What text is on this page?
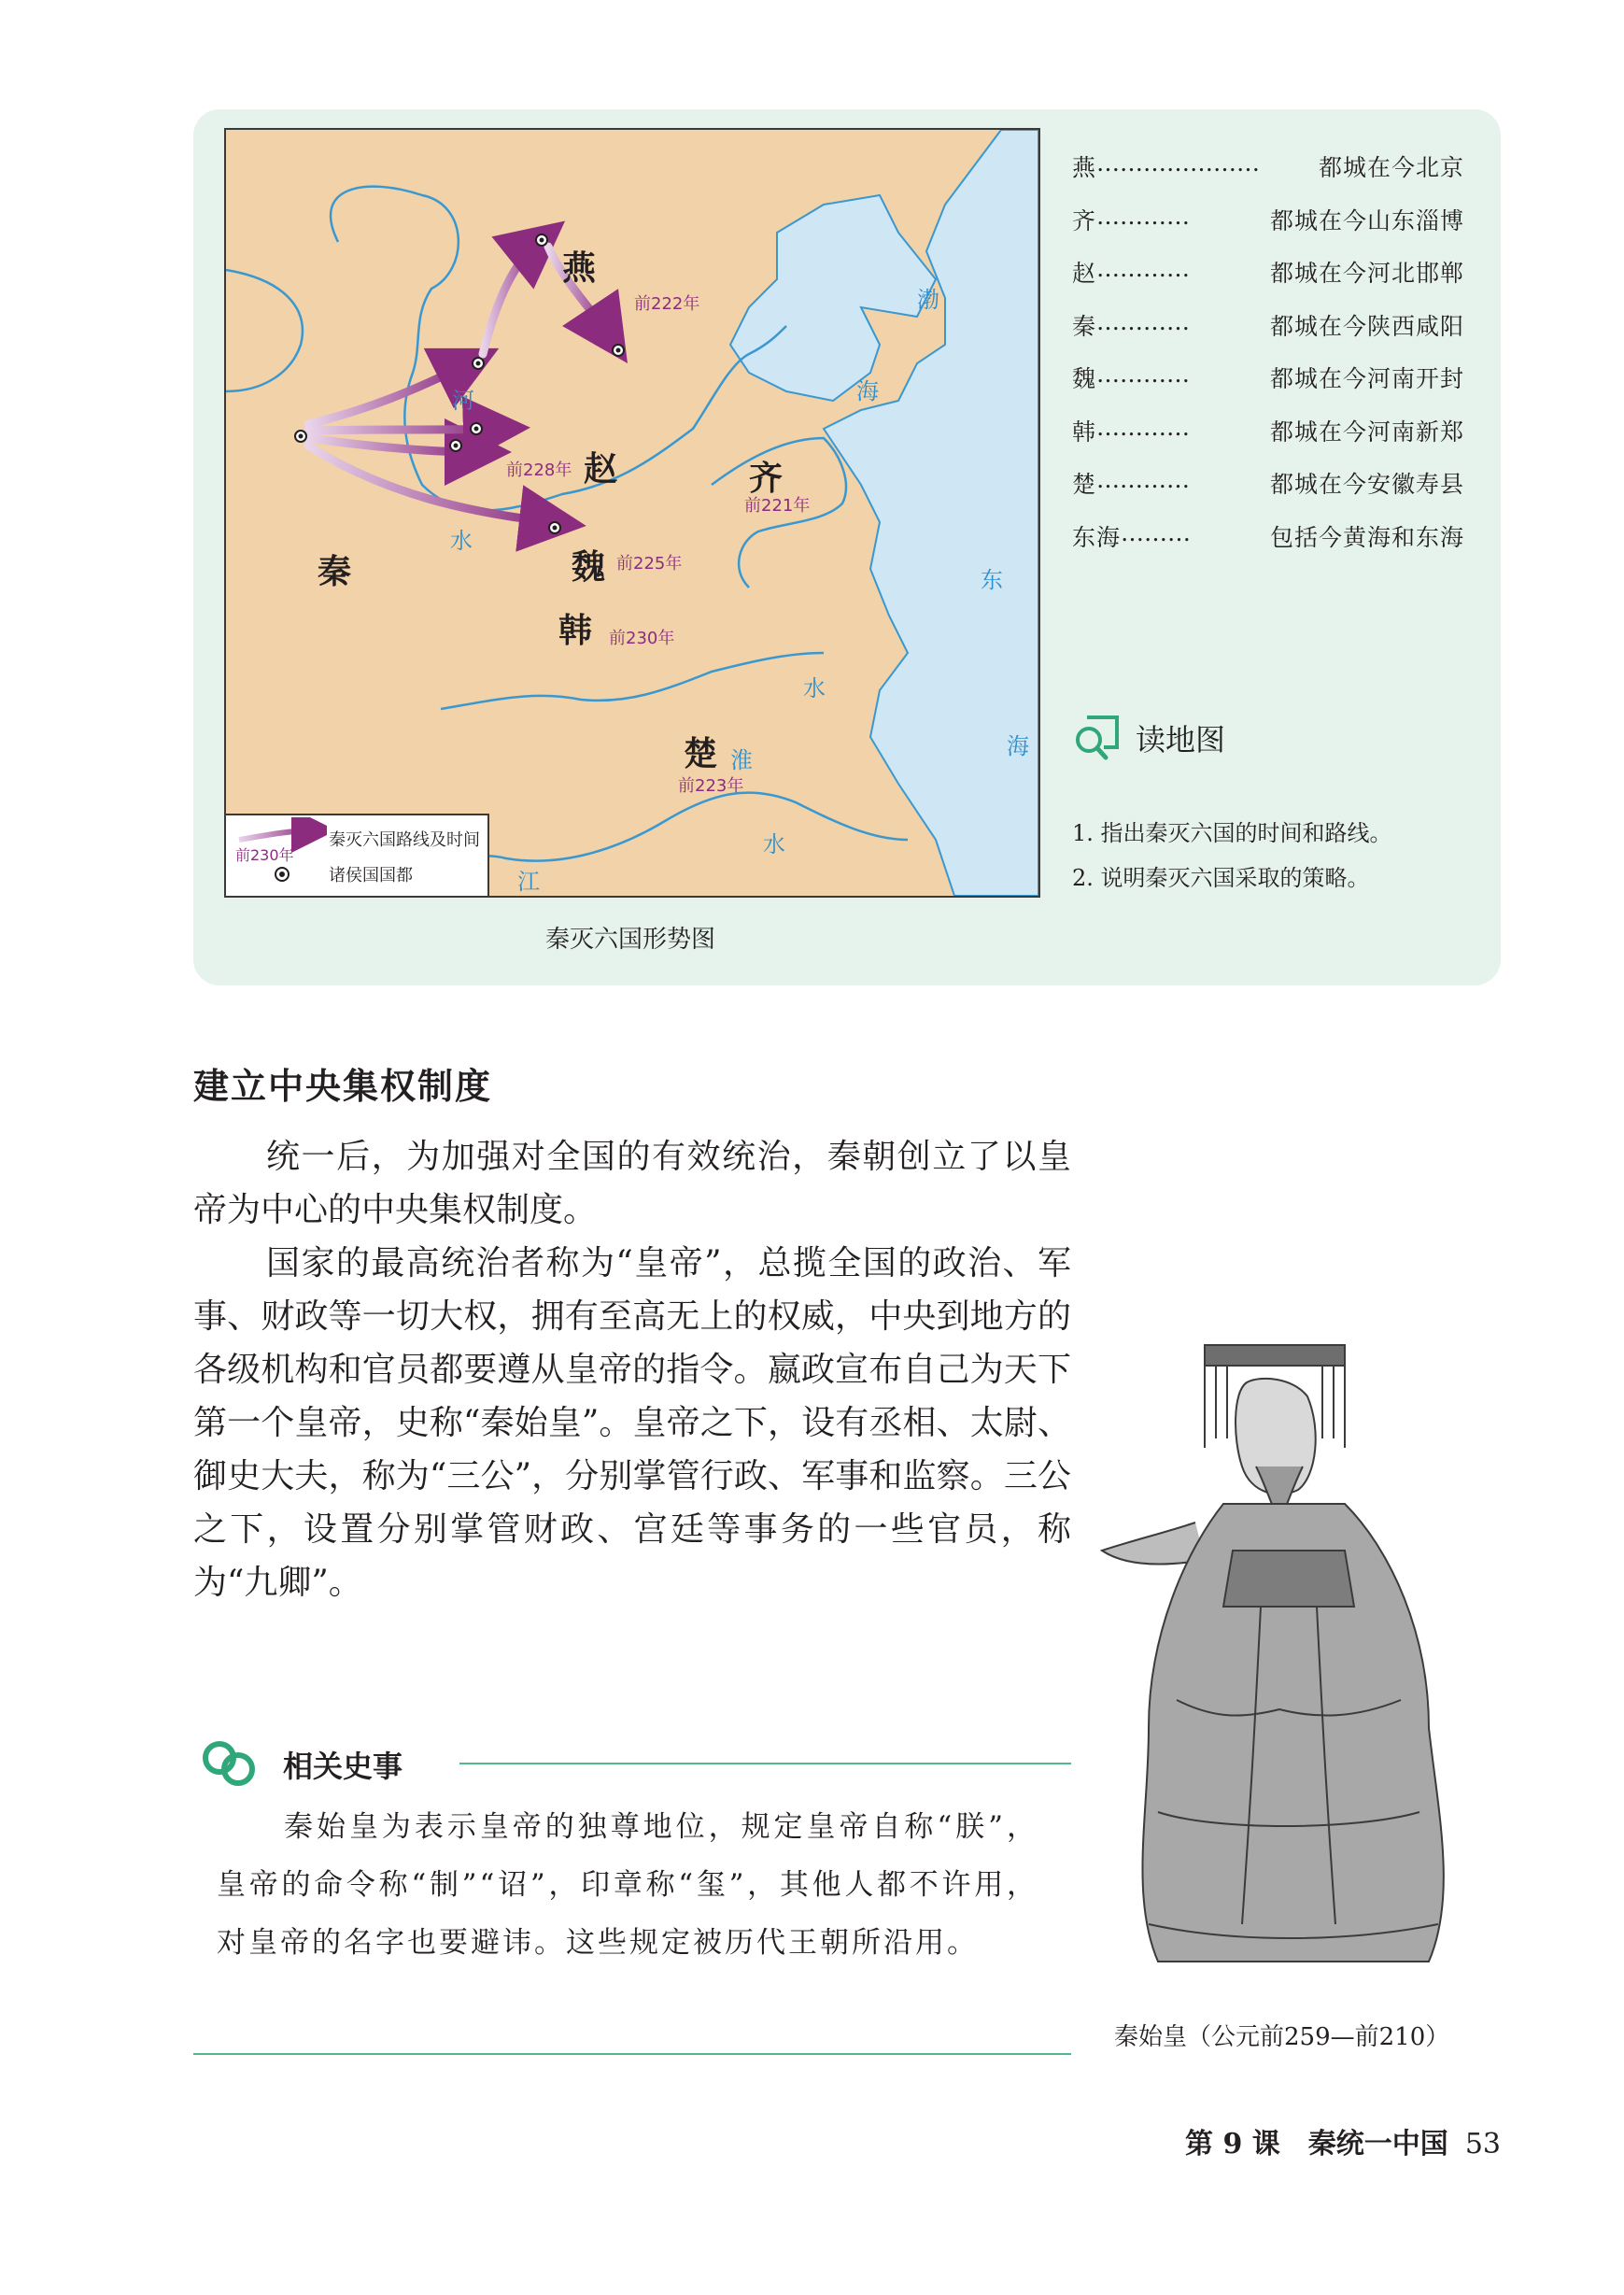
燕
前222年
赵
前228年	齐
前221年
秦	魏 前225年
韩 前230年
楚
前223年
渤
海
东
海
河
水
淮
水
水
江
前230年
秦灭六国路线及时间
诸侯国国都
秦灭六国形势图
燕 …………………	都城在今北京
齐 …………	都城在今山东淄博
赵 …………	都城在今河北邯郸
秦 …………	都城在今陕西咸阳
魏 …………	都城在今河南开封
韩 …………	都城在今河南新郑
楚 …………	都城在今安徽寿县
东海 ………	包括今黄海和东海
读地图
1. 指出秦灭六国的时间和路线。
2. 说明秦灭六国采取的策略。
建立中央集权制度

统一后，为加强对全国的有效统治，秦朝创立了以皇帝为中心的中央集权制度。

国家的最高统治者称为“皇帝”，总揽全国的政治、军事、财政等一切大权，拥有至高无上的权威，中央到地方的各级机构和官员都要遵从皇帝的指令。嬴政宣布自己为天下第一个皇帝，史称“秦始皇”。皇帝之下，设有丞相、太尉、御史大夫，称为“三公”，分别掌管行政、军事和监察。三公之下，设置分别掌管财政、宫廷等事务的一些官员，称为“九卿”。

相关史事

秦始皇为表示皇帝的独尊地位，规定皇帝自称“朕”，皇帝的命令称“制”“诏”，印章称“玺”，其他人都不许用，对皇帝的名字也要避讳。这些规定被历代王朝所沿用。

秦始皇（公元前259—前210）
第 9 课　秦统一中国 53
